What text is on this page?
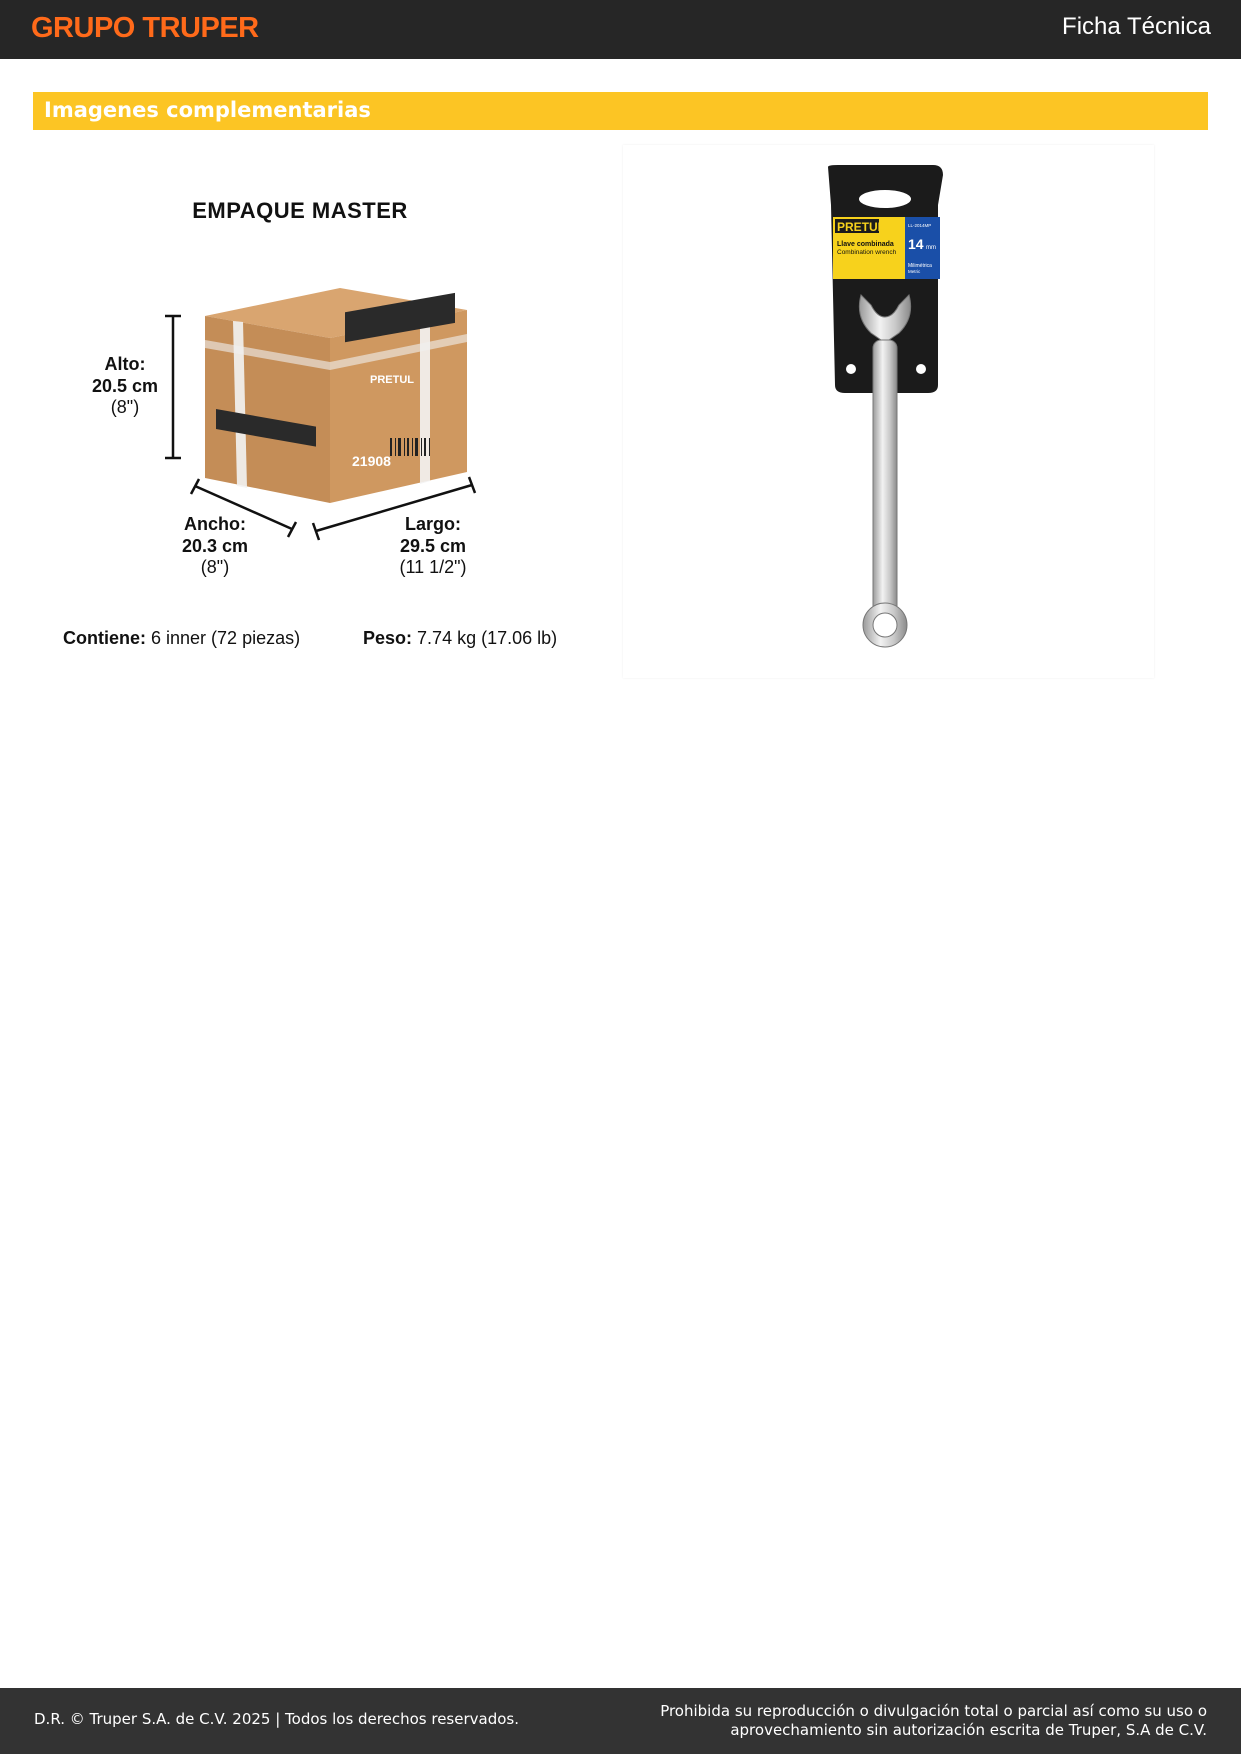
GRUPO TRUPER	Ficha Técnica
Imagenes complementarias
EMPAQUE MASTER
21908
PRETUL
Alto:
20.5 cm
(8")
Ancho:
20.3 cm
(8")
Largo:
29.5 cm
(11 1/2")
Contiene: 6 inner (72 piezas)	Peso: 7.74 kg (17.06 lb)
PRETUL
Llave combinada
Combination wrench
LL-2014MP
14 mm
Milimétrica
Metric
D.R. © Truper S.A. de C.V. 2025 | Todos los derechos reservados.	Prohibida su reproducción o divulgación total o parcial así como su uso o aprovechamiento sin autorización escrita de Truper, S.A de C.V.
